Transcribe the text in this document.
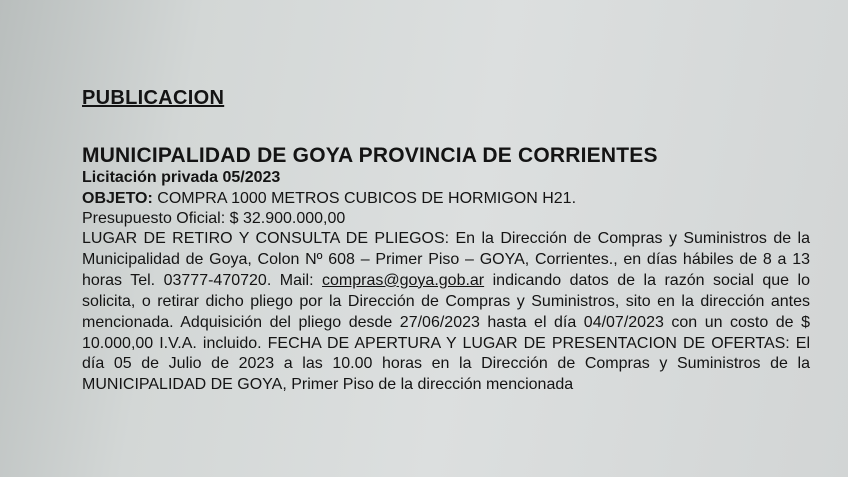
PUBLICACION
MUNICIPALIDAD DE GOYA PROVINCIA DE CORRIENTES
Licitación privada 05/2023
OBJETO: COMPRA 1000 METROS CUBICOS DE HORMIGON H21.
Presupuesto Oficial: $ 32.900.000,00
LUGAR DE RETIRO Y CONSULTA DE PLIEGOS: En la Dirección de Compras y Suministros de la Municipalidad de Goya, Colon Nº 608 – Primer Piso – GOYA, Corrientes., en días hábiles de 8 a 13 horas Tel. 03777-470720. Mail: compras@goya.gob.ar indicando datos de la razón social que lo solicita, o retirar dicho pliego por la Dirección de Compras y Suministros, sito en la dirección antes mencionada. Adquisición del pliego desde 27/06/2023 hasta el día 04/07/2023 con un costo de $ 10.000,00 I.V.A. incluido. FECHA DE APERTURA Y LUGAR DE PRESENTACION DE OFERTAS: El día 05 de Julio de 2023 a las 10.00 horas en la Dirección de Compras y Suministros de la MUNICIPALIDAD DE GOYA, Primer Piso de la dirección mencionada
